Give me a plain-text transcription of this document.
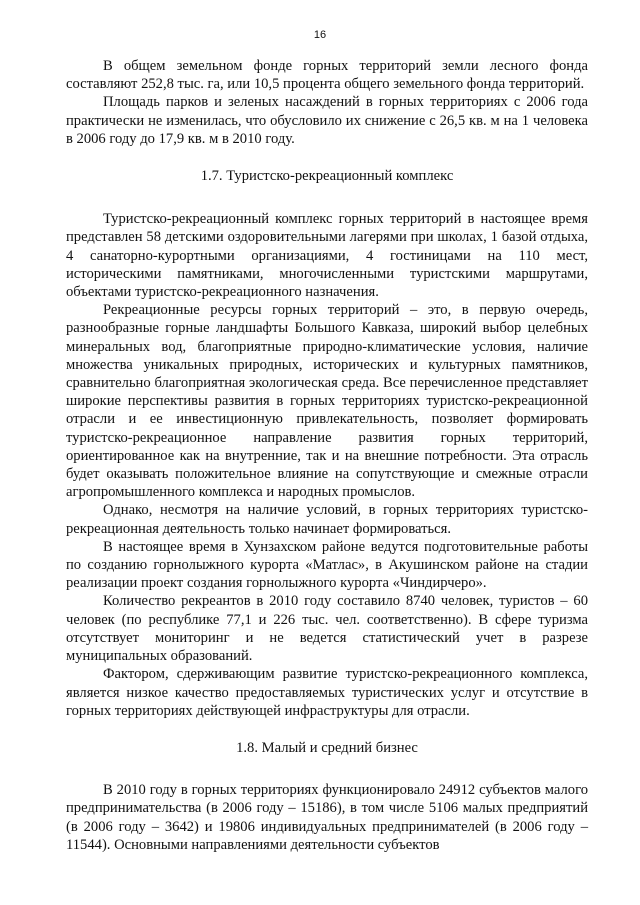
16

В общем земельном фонде горных территорий земли лесного фонда составляют 252,8 тыс. га, или 10,5 процента общего земельного фонда территорий.

Площадь парков и зеленых насаждений в горных территориях с 2006 года практически не изменилась, что обусловило их снижение с 26,5 кв. м на 1 человека в 2006 году до 17,9 кв. м в 2010 году.

1.7. Туристско-рекреационный комплекс

Туристско-рекреационный комплекс горных территорий в настоящее время представлен 58 детскими оздоровительными лагерями при школах, 1 базой отдыха, 4 санаторно-курортными организациями, 4 гостиницами на 110 мест, историческими памятниками, многочисленными туристскими маршрутами, объектами туристско-рекреационного назначения.

Рекреационные ресурсы горных территорий – это, в первую очередь, разнообразные горные ландшафты Большого Кавказа, широкий выбор целебных минеральных вод, благоприятные природно-климатические условия, наличие множества уникальных природных, исторических и культурных памятников, сравнительно благоприятная экологическая среда. Все перечисленное представляет широкие перспективы развития в горных территориях туристско-рекреационной отрасли и ее инвестиционную привлекательность, позволяет формировать туристско-рекреационное направление развития горных территорий, ориентированное как на внутренние, так и на внешние потребности. Эта отрасль будет оказывать положительное влияние на сопутствующие и смежные отрасли агропромышленного комплекса и народных промыслов.

Однако, несмотря на наличие условий, в горных территориях туристско-рекреационная деятельность только начинает формироваться.

В настоящее время в Хунзахском районе ведутся подготовительные работы по созданию горнолыжного курорта «Матлас», в Акушинском районе на стадии реализации проект создания горнолыжного курорта «Чиндирчеро».

Количество рекреантов в 2010 году составило 8740 человек, туристов – 60 человек (по республике 77,1 и 226 тыс. чел. соответственно). В сфере туризма отсутствует мониторинг и не ведется статистический учет в разрезе муниципальных образований.

Фактором, сдерживающим развитие туристско-рекреационного комплекса, является низкое качество предоставляемых туристических услуг и отсутствие в горных территориях действующей инфраструктуры для отрасли.

1.8. Малый и средний бизнес

В 2010 году в горных территориях функционировало 24912 субъектов малого предпринимательства (в 2006 году – 15186), в том числе 5106 малых предприятий (в 2006 году – 3642) и 19806 индивидуальных предпринимателей (в 2006 году – 11544). Основными направлениями деятельности субъектов
